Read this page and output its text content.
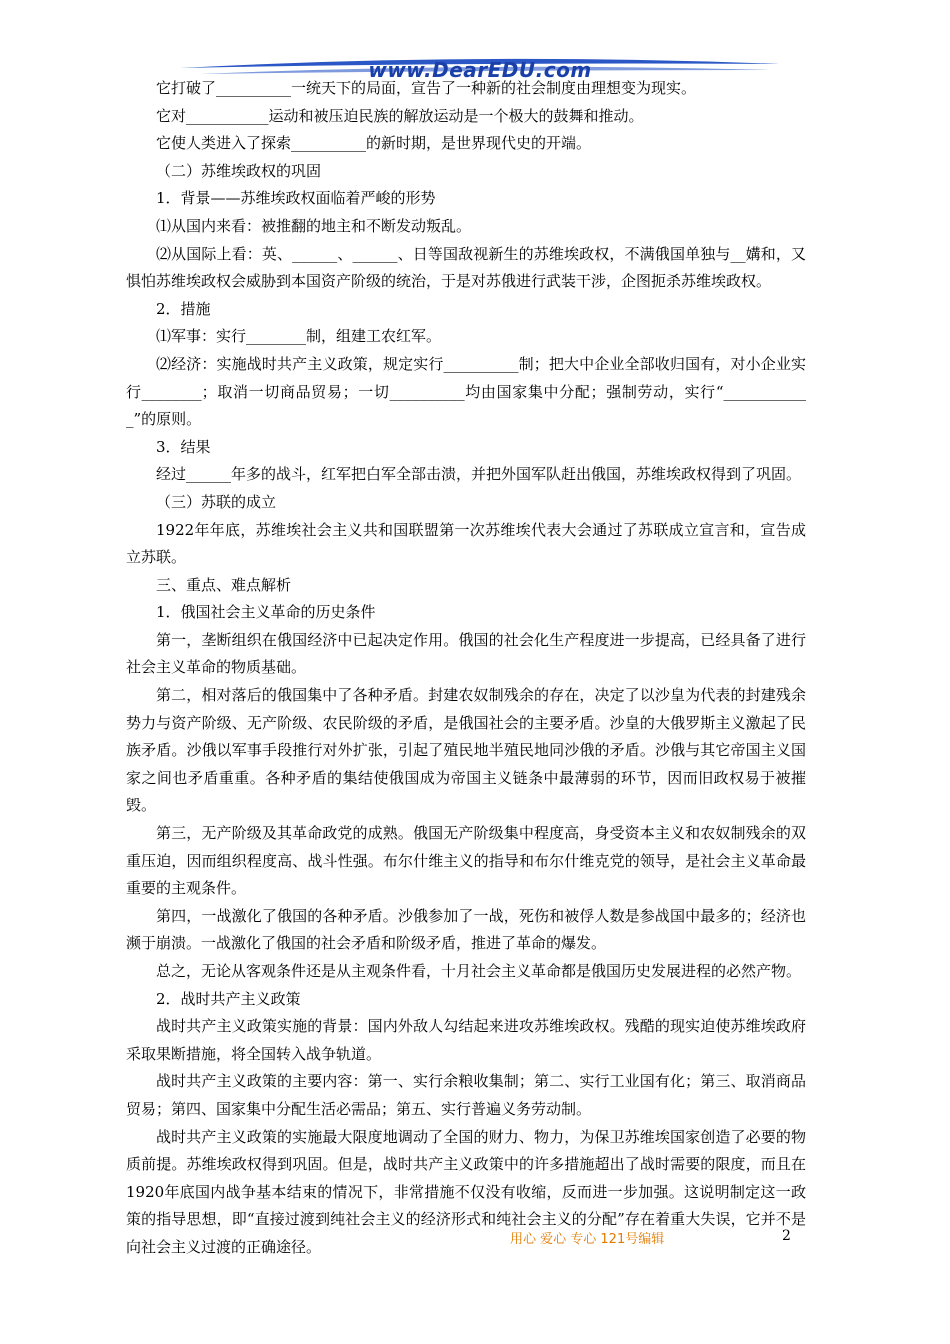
www.DearEDU.com

它打破了__________一统天下的局面，宣告了一种新的社会制度由理想变为现实。

它对___________运动和被压迫民族的解放运动是一个极大的鼓舞和推动。

它使人类进入了探索__________的新时期，是世界现代史的开端。

（二）苏维埃政权的巩固

1．背景——苏维埃政权面临着严峻的形势

⑴从国内来看：被推翻的地主和不断发动叛乱。

⑵从国际上看：英、______、______、日等国敌视新生的苏维埃政权，不满俄国单独与__媾和，又惧怕苏维埃政权会威胁到本国资产阶级的统治，于是对苏俄进行武装干涉，企图扼杀苏维埃政权。

2．措施

⑴军事：实行________制，组建工农红军。

⑵经济：实施战时共产主义政策，规定实行__________制；把大中企业全部收归国有，对小企业实行________；取消一切商品贸易；一切__________均由国家集中分配；强制劳动，实行“____________”的原则。

3．结果

经过______年多的战斗，红军把白军全部击溃，并把外国军队赶出俄国，苏维埃政权得到了巩固。

（三）苏联的成立

1922年年底，苏维埃社会主义共和国联盟第一次苏维埃代表大会通过了苏联成立宣言和，宣告成立苏联。

三、重点、难点解析

1．俄国社会主义革命的历史条件

第一，垄断组织在俄国经济中已起决定作用。俄国的社会化生产程度进一步提高，已经具备了进行社会主义革命的物质基础。

第二，相对落后的俄国集中了各种矛盾。封建农奴制残余的存在，决定了以沙皇为代表的封建残余势力与资产阶级、无产阶级、农民阶级的矛盾，是俄国社会的主要矛盾。沙皇的大俄罗斯主义激起了民族矛盾。沙俄以军事手段推行对外扩张，引起了殖民地半殖民地同沙俄的矛盾。沙俄与其它帝国主义国家之间也矛盾重重。各种矛盾的集结使俄国成为帝国主义链条中最薄弱的环节，因而旧政权易于被摧毁。

第三，无产阶级及其革命政党的成熟。俄国无产阶级集中程度高，身受资本主义和农奴制残余的双重压迫，因而组织程度高、战斗性强。布尔什维主义的指导和布尔什维克党的领导，是社会主义革命最重要的主观条件。

第四，一战激化了俄国的各种矛盾。沙俄参加了一战，死伤和被俘人数是参战国中最多的；经济也濒于崩溃。一战激化了俄国的社会矛盾和阶级矛盾，推进了革命的爆发。

总之，无论从客观条件还是从主观条件看，十月社会主义革命都是俄国历史发展进程的必然产物。

2．战时共产主义政策

战时共产主义政策实施的背景：国内外敌人勾结起来进攻苏维埃政权。残酷的现实迫使苏维埃政府采取果断措施，将全国转入战争轨道。

战时共产主义政策的主要内容：第一、实行余粮收集制；第二、实行工业国有化；第三、取消商品贸易；第四、国家集中分配生活必需品；第五、实行普遍义务劳动制。

战时共产主义政策的实施最大限度地调动了全国的财力、物力，为保卫苏维埃国家创造了必要的物质前提。苏维埃政权得到巩固。但是，战时共产主义政策中的许多措施超出了战时需要的限度，而且在1920年底国内战争基本结束的情况下，非常措施不仅没有收缩，反而进一步加强。这说明制定这一政策的指导思想，即“直接过渡到纯社会主义的经济形式和纯社会主义的分配”存在着重大失误，它并不是向社会主义过渡的正确途径。	用心 爱心 专心 121号编辑	2
